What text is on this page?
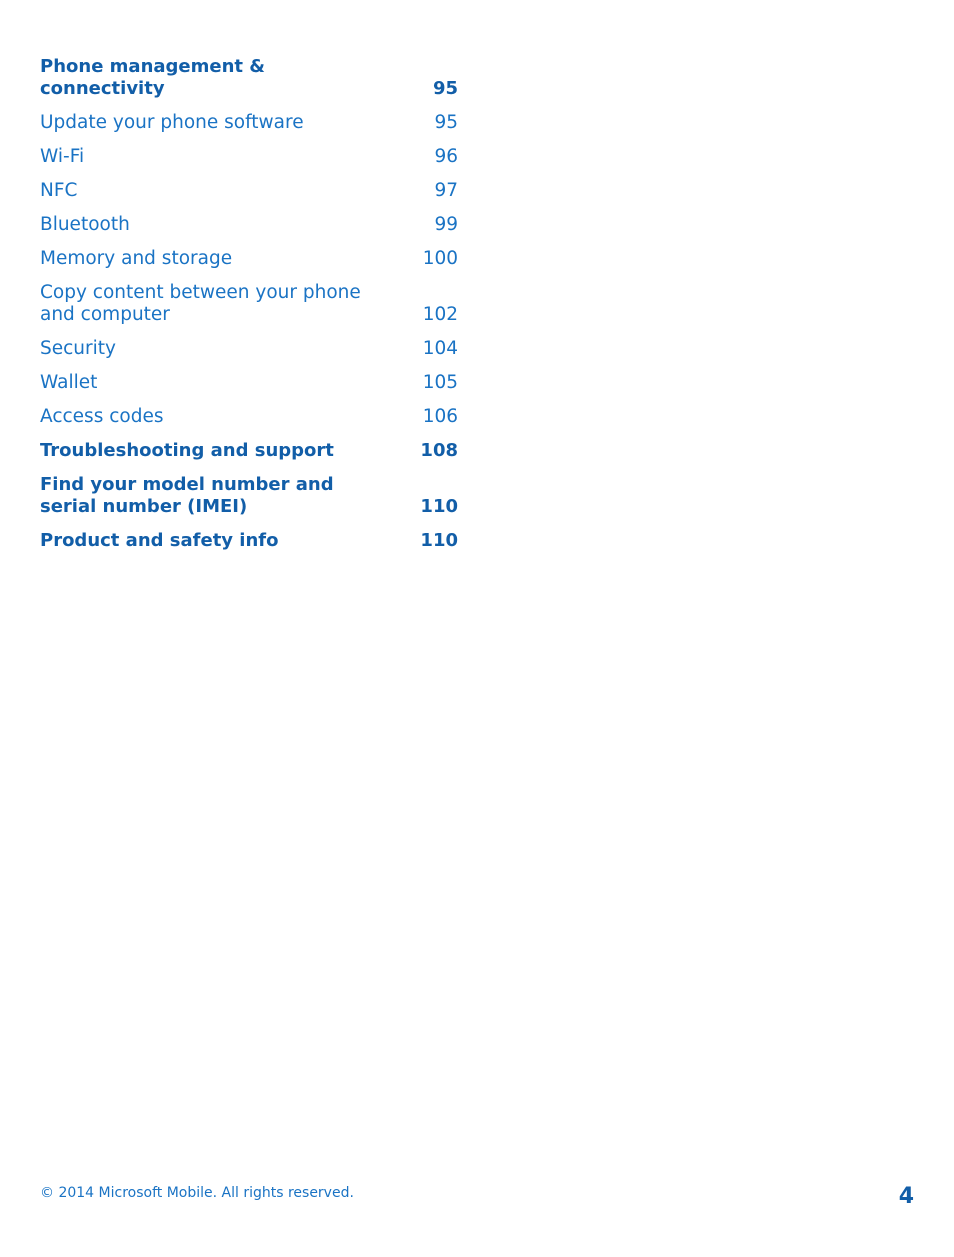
Phone management & connectivity	95
Update your phone software	95
Wi-Fi	96
NFC	97
Bluetooth	99
Memory and storage	100
Copy content between your phone and computer	102
Security	104
Wallet	105
Access codes	106
Troubleshooting and support	108
Find your model number and serial number (IMEI)	110
Product and safety info	110
© 2014 Microsoft Mobile. All rights reserved.	4
